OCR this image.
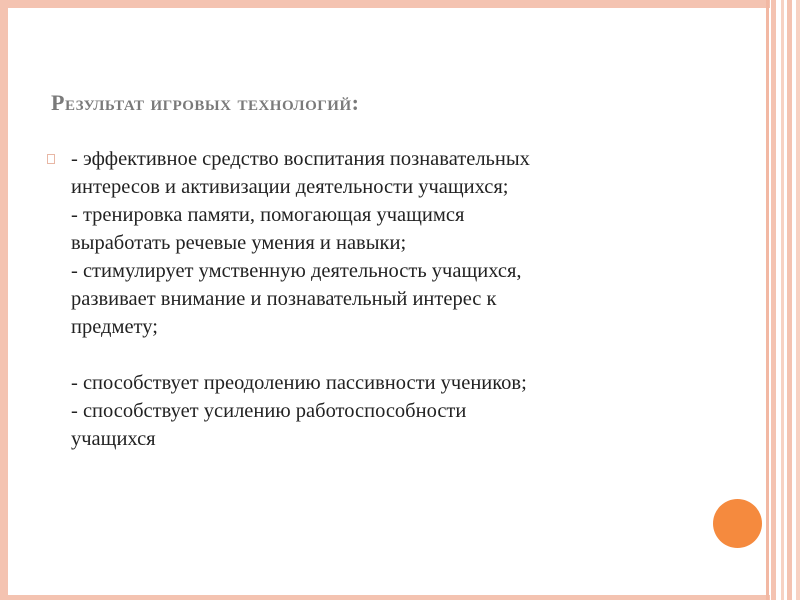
Результат игровых технологий:
- эффективное средство воспитания познавательных
интересов и активизации деятельности учащихся;
- тренировка памяти, помогающая учащимся
выработать речевые умения и навыки;
- стимулирует умственную деятельность учащихся,
развивает внимание и познавательный интерес к
предмету;
- способствует преодолению пассивности учеников;
- способствует усилению работоспособности
учащихся
